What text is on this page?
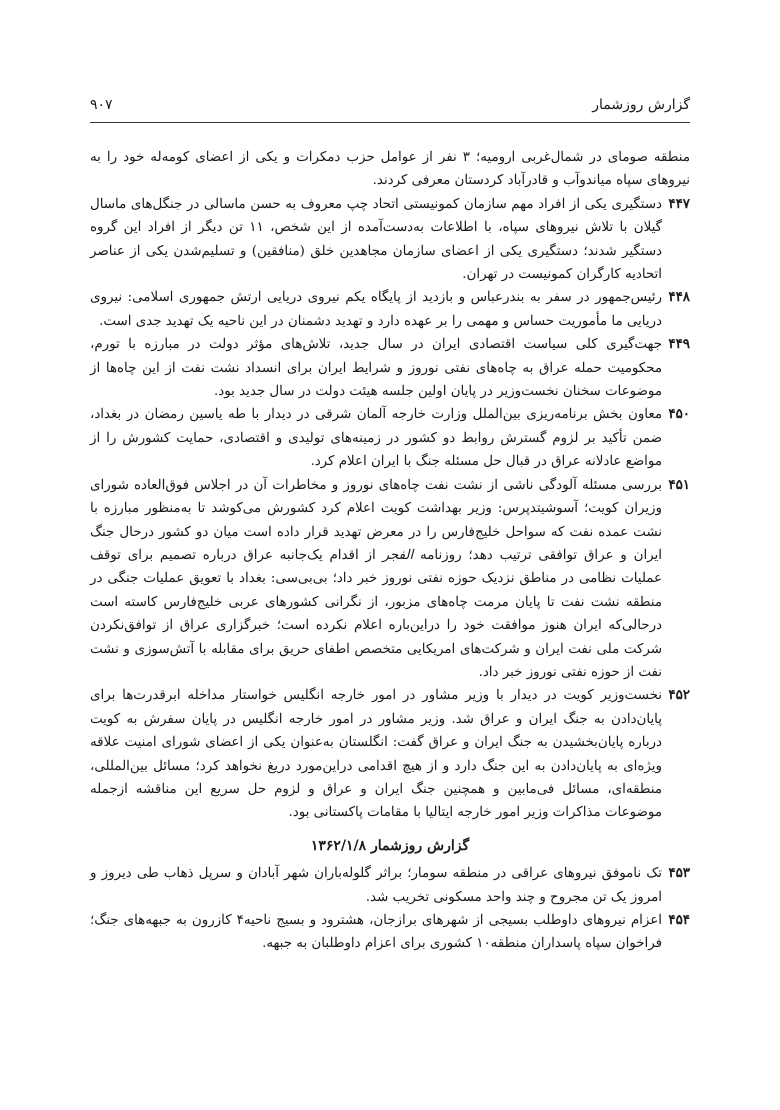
گزارش روزشمار
۹۰۷

منطقه صومای در شمال‌غربی ارومیه؛ ۳ نفر از عوامل حزب دمکرات و یکی از اعضای کومه‌له خود را به نیروهای سپاه میاندوآب و قادرآباد کردستان معرفی کردند.

۴۴۷
دستگیری یکی از افراد مهم سازمان کمونیستی اتحاد چپ معروف به حسن ماسالی در جنگل‌های ماسال گیلان با تلاش نیروهای سپاه، با اطلاعات به‌دست‌آمده از این شخص، ۱۱ تن دیگر از افراد این گروه دستگیر شدند؛ دستگیری یکی از اعضای سازمان مجاهدین خلق (منافقین) و تسلیم‌شدن یکی از عناصر اتحادیه کارگران کمونیست در تهران.

۴۴۸
رئیس‌جمهور در سفر به بندرعباس و بازدید از پایگاه یکم نیروی دریایی ارتش جمهوری اسلامی: نیروی دریایی ما مأموریت حساس و مهمی را بر عهده دارد و تهدید دشمنان در این ناحیه یک تهدید جدی است.

۴۴۹
جهت‌گیری کلی سیاست اقتصادی ایران در سال جدید، تلاش‌های مؤثر دولت در مبارزه با تورم، محکومیت حمله عراق به چاه‌های نفتی نوروز و شرایط ایران برای انسداد نشت نفت از این چاه‌ها از موضوعات سخنان نخست‌وزیر در پایان اولین جلسه هیئت دولت در سال جدید بود.

۴۵۰
معاون بخش برنامه‌ریزی بین‌الملل وزارت خارجه آلمان شرقی در دیدار با طه یاسین رمضان در بغداد، ضمن تأکید بر لزوم گسترش روابط دو کشور در زمینه‌های تولیدی و اقتصادی، حمایت کشورش را از مواضع عادلانه عراق در قبال حل مسئله جنگ با ایران اعلام کرد.

۴۵۱
بررسی مسئله آلودگی ناشی از نشت نفت چاه‌های نوروز و مخاطرات آن در اجلاس فوق‌العاده شورای وزیران کویت؛ آسوشیتدپرس: وزیر بهداشت کویت اعلام کرد کشورش می‌کوشد تا به‌منظور مبارزه با نشت عمده نفت که سواحل خلیج‌فارس را در معرض تهدید قرار داده است میان دو کشور درحال جنگ ایران و عراق توافقی ترتیب دهد؛ روزنامه الفجر از اقدام یک‌جانبه عراق درباره تصمیم برای توقف عملیات نظامی در مناطق نزدیک حوزه نفتی نوروز خبر داد؛ بی‌بی‌سی: بغداد با تعویق عملیات جنگی در منطقه نشت نفت تا پایان مرمت چاه‌های مزبور، از نگرانی کشورهای عربی خلیج‌فارس کاسته است درحالی‌که ایران هنوز موافقت خود را دراین‌باره اعلام نکرده است؛ خبرگزاری عراق از توافق‌نکردن شرکت ملی نفت ایران و شرکت‌های امریکایی متخصص اطفای حریق برای مقابله با آتش‌سوزی و نشت نفت از حوزه نفتی نوروز خبر داد.

۴۵۲
نخست‌وزیر کویت در دیدار با وزیر مشاور در امور خارجه انگلیس خواستار مداخله ابرقدرت‌ها برای پایان‌دادن به جنگ ایران و عراق شد. وزیر مشاور در امور خارجه انگلیس در پایان سفرش به کویت درباره پایان‌بخشیدن به جنگ ایران و عراق گفت: انگلستان به‌عنوان یکی از اعضای شورای امنیت علاقه ویژه‌ای به پایان‌دادن به این جنگ دارد و از هیچ اقدامی دراین‌مورد دریغ نخواهد کرد؛ مسائل بین‌المللی، منطقه‌ای، مسائل فی‌مابین و همچنین جنگ ایران و عراق و لزوم حل سریع این مناقشه ازجمله موضوعات مذاکرات وزیر امور خارجه ایتالیا با مقامات پاکستانی بود.

گزارش روزشمار ۱۳۶۲/۱/۸

۴۵۳
تک ناموفق نیروهای عراقی در منطقه سومار؛ براثر گلوله‌باران شهر آبادان و سرپل ذهاب طی دیروز و امروز یک تن مجروح و چند واحد مسکونی تخریب شد.

۴۵۴
اعزام نیروهای داوطلب بسیجی از شهرهای برازجان، هشترود و بسیج ناحیه۴ کازرون به جبهه‌های جنگ؛ فراخوان سپاه پاسداران منطقه۱۰ کشوری برای اعزام داوطلبان به جبهه.
